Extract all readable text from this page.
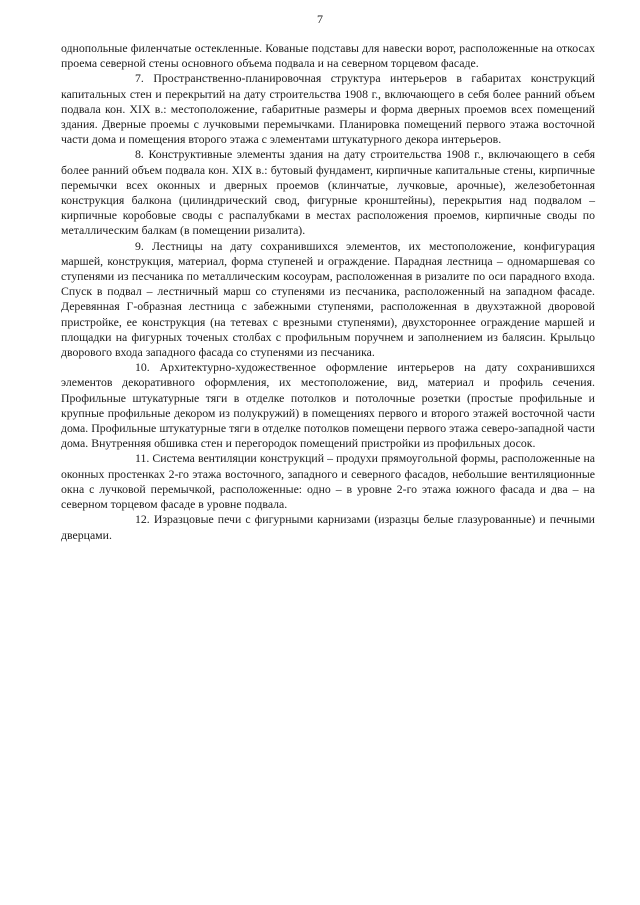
7

однопольные филенчатые остекленные. Кованые подставы для навески ворот, расположенные на откосах проема северной стены основного объема подвала и на северном торцевом фасаде.

7. Пространственно-планировочная структура интерьеров в габаритах конструкций капитальных стен и перекрытий на дату строительства 1908 г., включающего в себя более ранний объем подвала кон. XIX в.: местоположение, габаритные размеры и форма дверных проемов всех помещений здания. Дверные проемы с лучковыми перемычками. Планировка помещений первого этажа восточной части дома и помещения второго этажа с элементами штукатурного декора интерьеров.

8. Конструктивные элементы здания на дату строительства 1908 г., включающего в себя более ранний объем подвала кон. XIX в.: бутовый фундамент, кирпичные капитальные стены, кирпичные перемычки всех оконных и дверных проемов (клинчатые, лучковые, арочные), железобетонная конструкция балкона (цилиндрический свод, фигурные кронштейны), перекрытия над подвалом – кирпичные коробовые своды с распалубками в местах расположения проемов, кирпичные своды по металлическим балкам (в помещении ризалита).

9. Лестницы на дату сохранившихся элементов, их местоположение, конфигурация маршей, конструкция, материал, форма ступеней и ограждение. Парадная лестница – одномаршевая со ступенями из песчаника по металлическим косоурам, расположенная в ризалите по оси парадного входа. Спуск в подвал – лестничный марш со ступенями из песчаника, расположенный на западном фасаде. Деревянная Г-образная лестница с забежными ступенями, расположенная в двухэтажной дворовой пристройке, ее конструкция (на тетевах с врезными ступенями), двухстороннее ограждение маршей и площадки на фигурных точеных столбах с профильным поручнем и заполнением из балясин. Крыльцо дворового входа западного фасада со ступенями из песчаника.

10. Архитектурно-художественное оформление интерьеров на дату сохранившихся элементов декоративного оформления, их местоположение, вид, материал и профиль сечения. Профильные штукатурные тяги в отделке потолков и потолочные розетки (простые профильные и крупные профильные декором из полукружий) в помещениях первого и второго этажей восточной части дома. Профильные штукатурные тяги в отделке потолков помещени первого этажа северо-западной части дома. Внутренняя обшивка стен и перегородок помещений пристройки из профильных досок.

11. Система вентиляции конструкций – продухи прямоугольной формы, расположенные на оконных простенках 2-го этажа восточного, западного и северного фасадов, небольшие вентиляционные окна с лучковой перемычкой, расположенные: одно – в уровне 2-го этажа южного фасада и два – на северном торцевом фасаде в уровне подвала.

12. Изразцовые печи с фигурными карнизами (изразцы белые глазурованные) и печными дверцами.
